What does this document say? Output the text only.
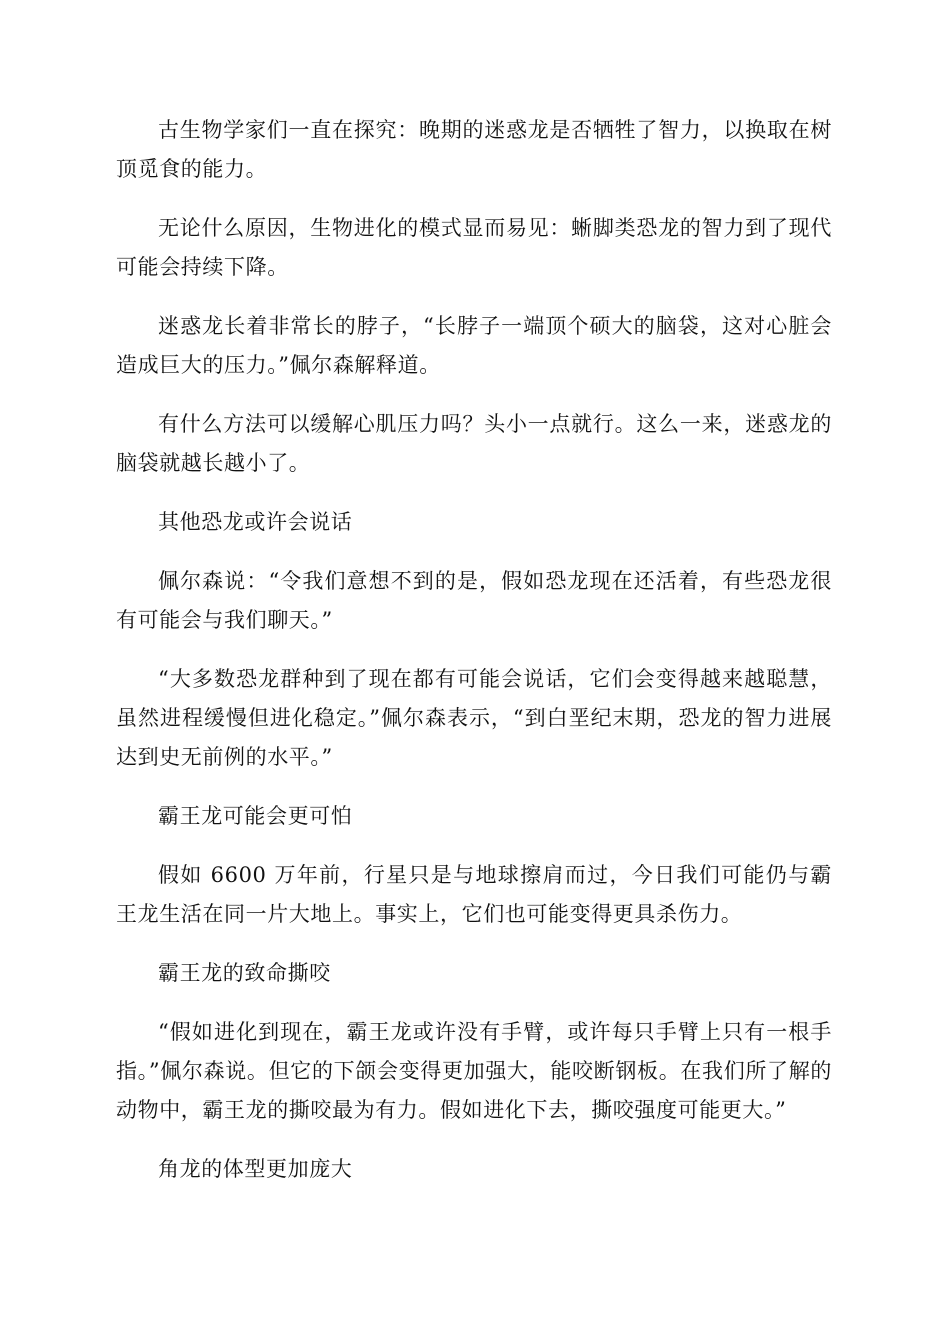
古生物学家们一直在探究：晚期的迷惑龙是否牺牲了智力，以换取在树顶觅食的能力。

无论什么原因，生物进化的模式显而易见：蜥脚类恐龙的智力到了现代可能会持续下降。

迷惑龙长着非常长的脖子，“长脖子一端顶个硕大的脑袋，这对心脏会造成巨大的压力。”佩尔森解释道。

有什么方法可以缓解心肌压力吗？头小一点就行。这么一来，迷惑龙的脑袋就越长越小了。

其他恐龙或许会说话

佩尔森说：“令我们意想不到的是，假如恐龙现在还活着，有些恐龙很有可能会与我们聊天。”

“大多数恐龙群种到了现在都有可能会说话，它们会变得越来越聪慧，虽然进程缓慢但进化稳定。”佩尔森表示，“到白垩纪末期，恐龙的智力进展达到史无前例的水平。”

霸王龙可能会更可怕

假如 6600 万年前，行星只是与地球擦肩而过，今日我们可能仍与霸王龙生活在同一片大地上。事实上，它们也可能变得更具杀伤力。

霸王龙的致命撕咬

“假如进化到现在，霸王龙或许没有手臂，或许每只手臂上只有一根手指。”佩尔森说。但它的下颌会变得更加强大，能咬断钢板。在我们所了解的动物中，霸王龙的撕咬最为有力。假如进化下去，撕咬强度可能更大。”

角龙的体型更加庞大
